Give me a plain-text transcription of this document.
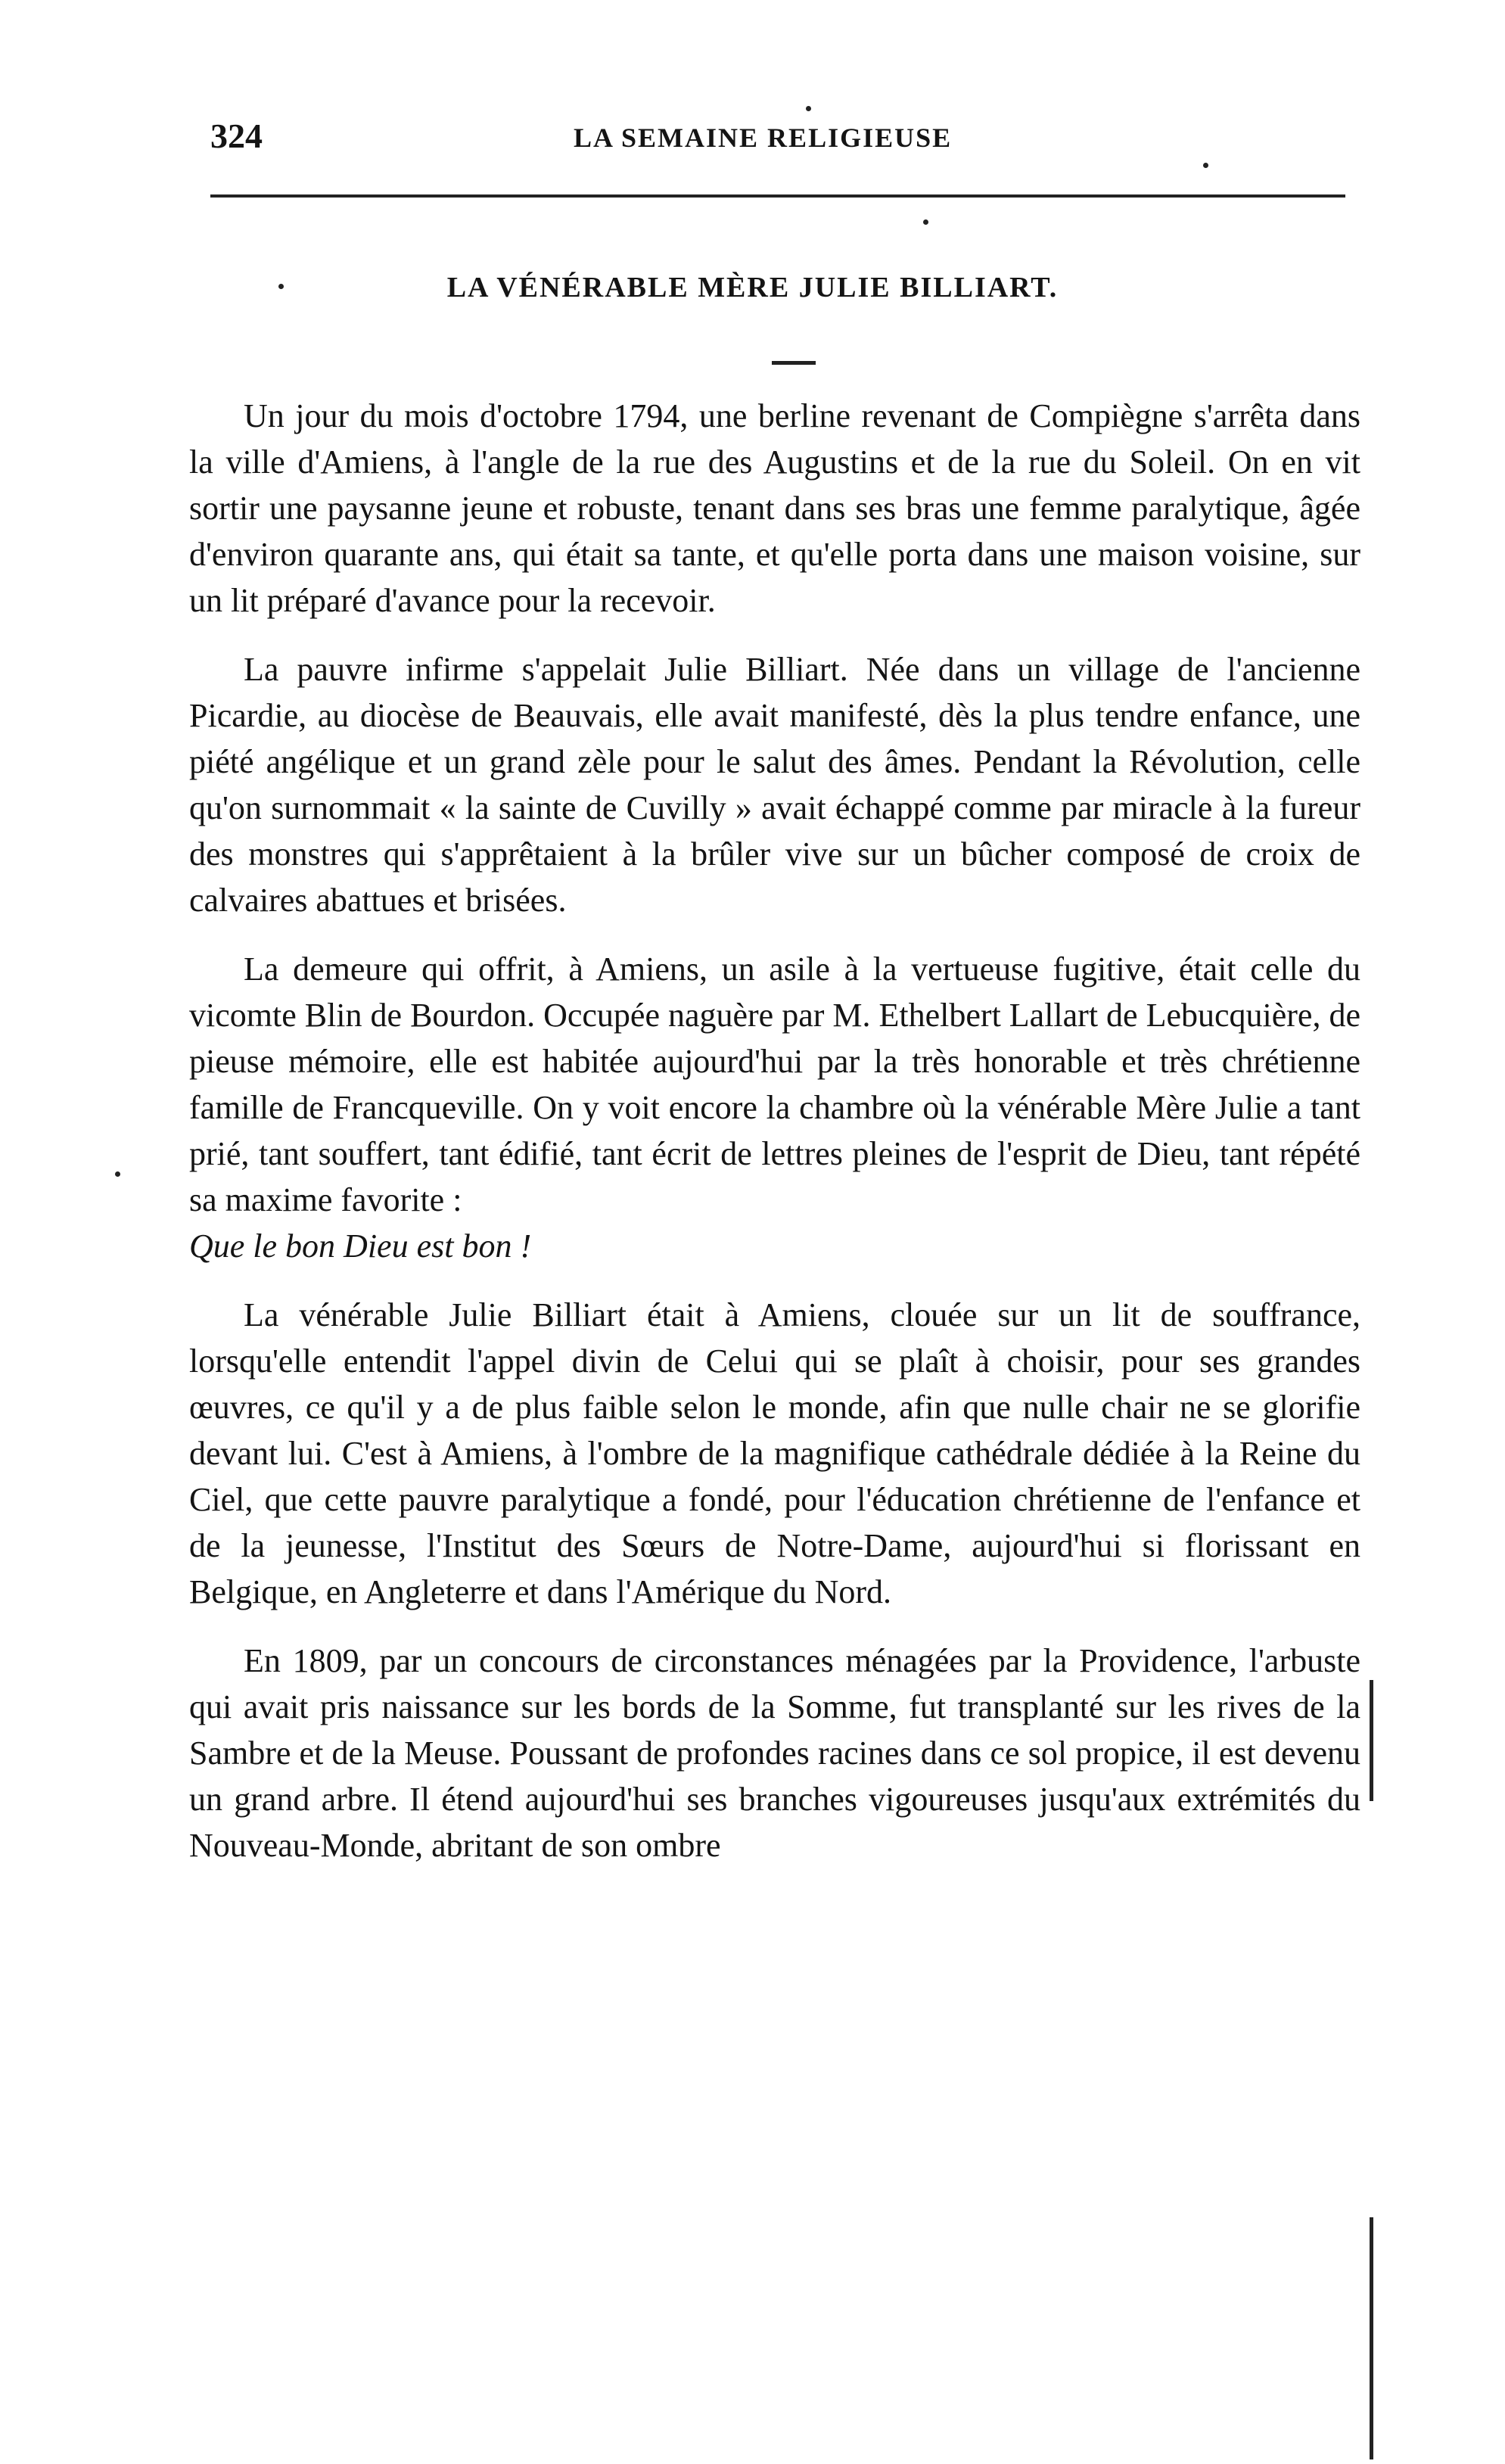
324	LA SEMAINE RELIGIEUSE
LA VÉNÉRABLE MÈRE JULIE BILLIART.

Un jour du mois d'octobre 1794, une berline revenant de Compiègne s'arrêta dans la ville d'Amiens, à l'angle de la rue des Augustins et de la rue du Soleil. On en vit sortir une paysanne jeune et robuste, tenant dans ses bras une femme paralytique, âgée d'environ quarante ans, qui était sa tante, et qu'elle porta dans une maison voisine, sur un lit préparé d'avance pour la recevoir.

La pauvre infirme s'appelait Julie Billiart. Née dans un village de l'ancienne Picardie, au diocèse de Beauvais, elle avait manifesté, dès la plus tendre enfance, une piété angélique et un grand zèle pour le salut des âmes. Pendant la Révolution, celle qu'on surnommait « la sainte de Cuvilly » avait échappé comme par miracle à la fureur des monstres qui s'apprêtaient à la brûler vive sur un bûcher composé de croix de calvaires abattues et brisées.

La demeure qui offrit, à Amiens, un asile à la vertueuse fugitive, était celle du vicomte Blin de Bourdon. Occupée naguère par M. Ethelbert Lallart de Lebucquière, de pieuse mémoire, elle est habitée aujourd'hui par la très honorable et très chrétienne famille de Francqueville. On y voit encore la chambre où la vénérable Mère Julie a tant prié, tant souffert, tant édifié, tant écrit de lettres pleines de l'esprit de Dieu, tant répété sa maxime favorite :
Que le bon Dieu est bon !

La vénérable Julie Billiart était à Amiens, clouée sur un lit de souffrance, lorsqu'elle entendit l'appel divin de Celui qui se plaît à choisir, pour ses grandes œuvres, ce qu'il y a de plus faible selon le monde, afin que nulle chair ne se glorifie devant lui. C'est à Amiens, à l'ombre de la magnifique cathédrale dédiée à la Reine du Ciel, que cette pauvre paralytique a fondé, pour l'éducation chrétienne de l'enfance et de la jeunesse, l'Institut des Sœurs de Notre-Dame, aujourd'hui si florissant en Belgique, en Angleterre et dans l'Amérique du Nord.

En 1809, par un concours de circonstances ménagées par la Providence, l'arbuste qui avait pris naissance sur les bords de la Somme, fut transplanté sur les rives de la Sambre et de la Meuse. Poussant de profondes racines dans ce sol propice, il est devenu un grand arbre. Il étend aujourd'hui ses branches vigoureuses jusqu'aux extrémités du Nouveau-Monde, abritant de son ombre
